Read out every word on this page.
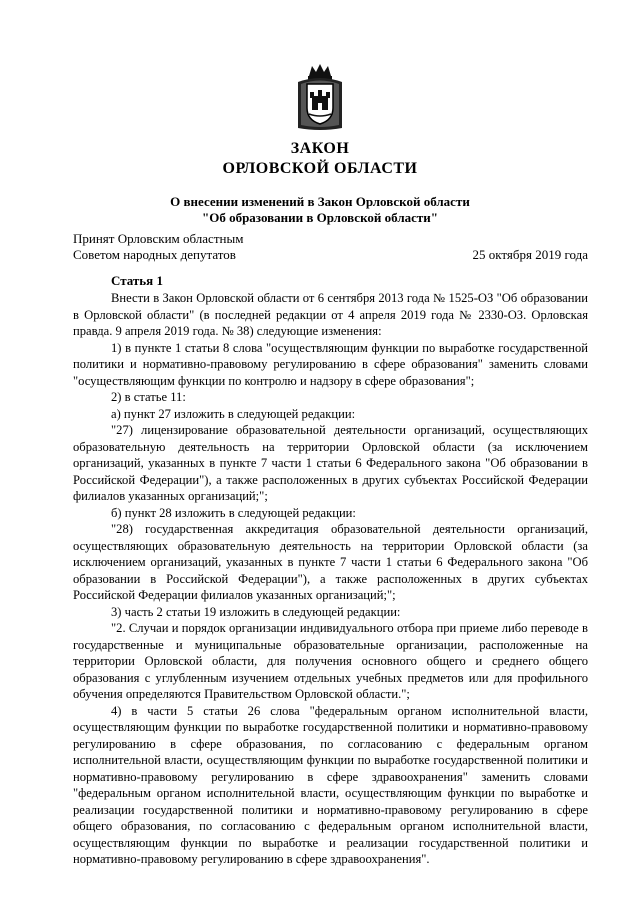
ЗАКОН
ОРЛОВСКОЙ ОБЛАСТИ
О внесении изменений в Закон Орловской области
"Об образовании в Орловской области"
Принят Орловским областным
Советом народных депутатов	25 октября 2019 года
Статья 1

Внести в Закон Орловской области от 6 сентября 2013 года № 1525-ОЗ "Об образовании в Орловской области" (в последней редакции от 4 апреля 2019 года № 2330-ОЗ. Орловская правда. 9 апреля 2019 года. № 38) следующие изменения:

1) в пункте 1 статьи 8 слова "осуществляющим функции по выработке государственной политики и нормативно-правовому регулированию в сфере образования" заменить словами "осуществляющим функции по контролю и надзору в сфере образования";

2) в статье 11:

а) пункт 27 изложить в следующей редакции:

"27) лицензирование образовательной деятельности организаций, осуществляющих образовательную деятельность на территории Орловской области (за исключением организаций, указанных в пункте 7 части 1 статьи 6 Федерального закона "Об образовании в Российской Федерации"), а также расположенных в других субъектах Российской Федерации филиалов указанных организаций;";

б) пункт 28 изложить в следующей редакции:

"28) государственная аккредитация образовательной деятельности организаций, осуществляющих образовательную деятельность на территории Орловской области (за исключением организаций, указанных в пункте 7 части 1 статьи 6 Федерального закона "Об образовании в Российской Федерации"), а также расположенных в других субъектах Российской Федерации филиалов указанных организаций;";

3) часть 2 статьи 19 изложить в следующей редакции:

"2. Случаи и порядок организации индивидуального отбора при приеме либо переводе в государственные и муниципальные образовательные организации, расположенные на территории Орловской области, для получения основного общего и среднего общего образования с углубленным изучением отдельных учебных предметов или для профильного обучения определяются Правительством Орловской области.";

4) в части 5 статьи 26 слова "федеральным органом исполнительной власти, осуществляющим функции по выработке государственной политики и нормативно-правовому регулированию в сфере образования, по согласованию с федеральным органом исполнительной власти, осуществляющим функции по выработке государственной политики и нормативно-правовому регулированию в сфере здравоохранения" заменить словами "федеральным органом исполнительной власти, осуществляющим функции по выработке и реализации государственной политики и нормативно-правовому регулированию в сфере общего образования, по согласованию с федеральным органом исполнительной власти, осуществляющим функции по выработке и реализации государственной политики и нормативно-правовому регулированию в сфере здравоохранения".
